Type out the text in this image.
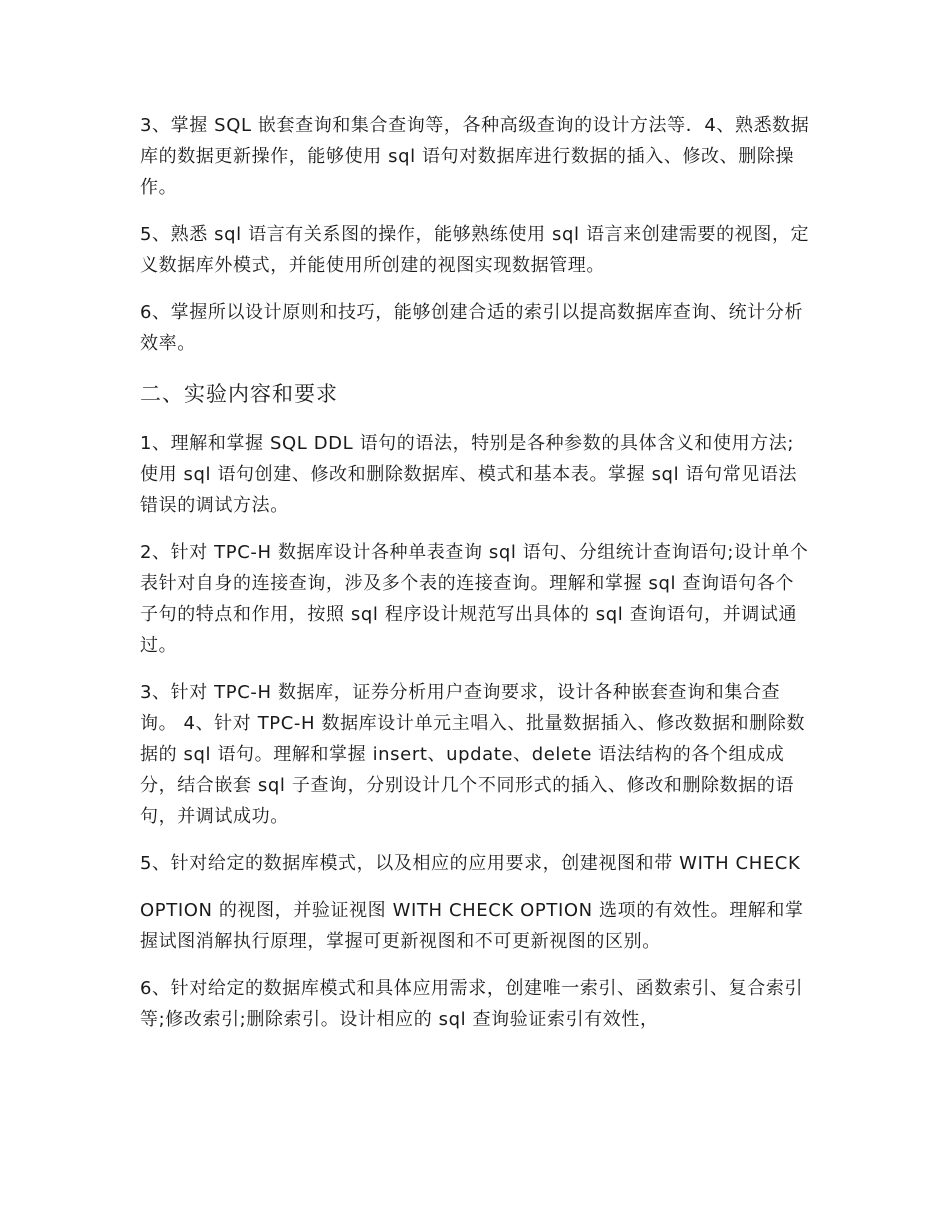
3、掌握 SQL 嵌套查询和集合查询等，各种高级查询的设计方法等．4、熟悉数据库的数据更新操作，能够使用 sql 语句对数据库进行数据的插入、修改、删除操作。

5、熟悉 sql 语言有关系图的操作，能够熟练使用 sql 语言来创建需要的视图，定义数据库外模式，并能使用所创建的视图实现数据管理。

6、掌握所以设计原则和技巧，能够创建合适的索引以提高数据库查询、统计分析效率。

二、实验内容和要求

1、理解和掌握 SQL DDL 语句的语法，特别是各种参数的具体含义和使用方法;使用 sql 语句创建、修改和删除数据库、模式和基本表。掌握 sql 语句常见语法错误的调试方法。

2、针对 TPC-H 数据库设计各种单表查询 sql 语句、分组统计查询语句;设计单个表针对自身的连接查询，涉及多个表的连接查询。理解和掌握 sql 查询语句各个子句的特点和作用，按照 sql 程序设计规范写出具体的 sql 查询语句，并调试通过。

3、针对 TPC-H 数据库，证券分析用户查询要求，设计各种嵌套查询和集合查询。 4、针对 TPC-H 数据库设计单元主唱入、批量数据插入、修改数据和删除数据的 sql 语句。理解和掌握 insert、update、delete 语法结构的各个组成成分，结合嵌套 sql 子查询，分别设计几个不同形式的插入、修改和删除数据的语句，并调试成功。

5、针对给定的数据库模式，以及相应的应用要求，创建视图和带 WITH CHECK

OPTION 的视图，并验证视图 WITH CHECK OPTION 选项的有效性。理解和掌握试图消解执行原理，掌握可更新视图和不可更新视图的区别。

6、针对给定的数据库模式和具体应用需求，创建唯一索引、函数索引、复合索引等;修改索引;删除索引。设计相应的 sql 查询验证索引有效性，
